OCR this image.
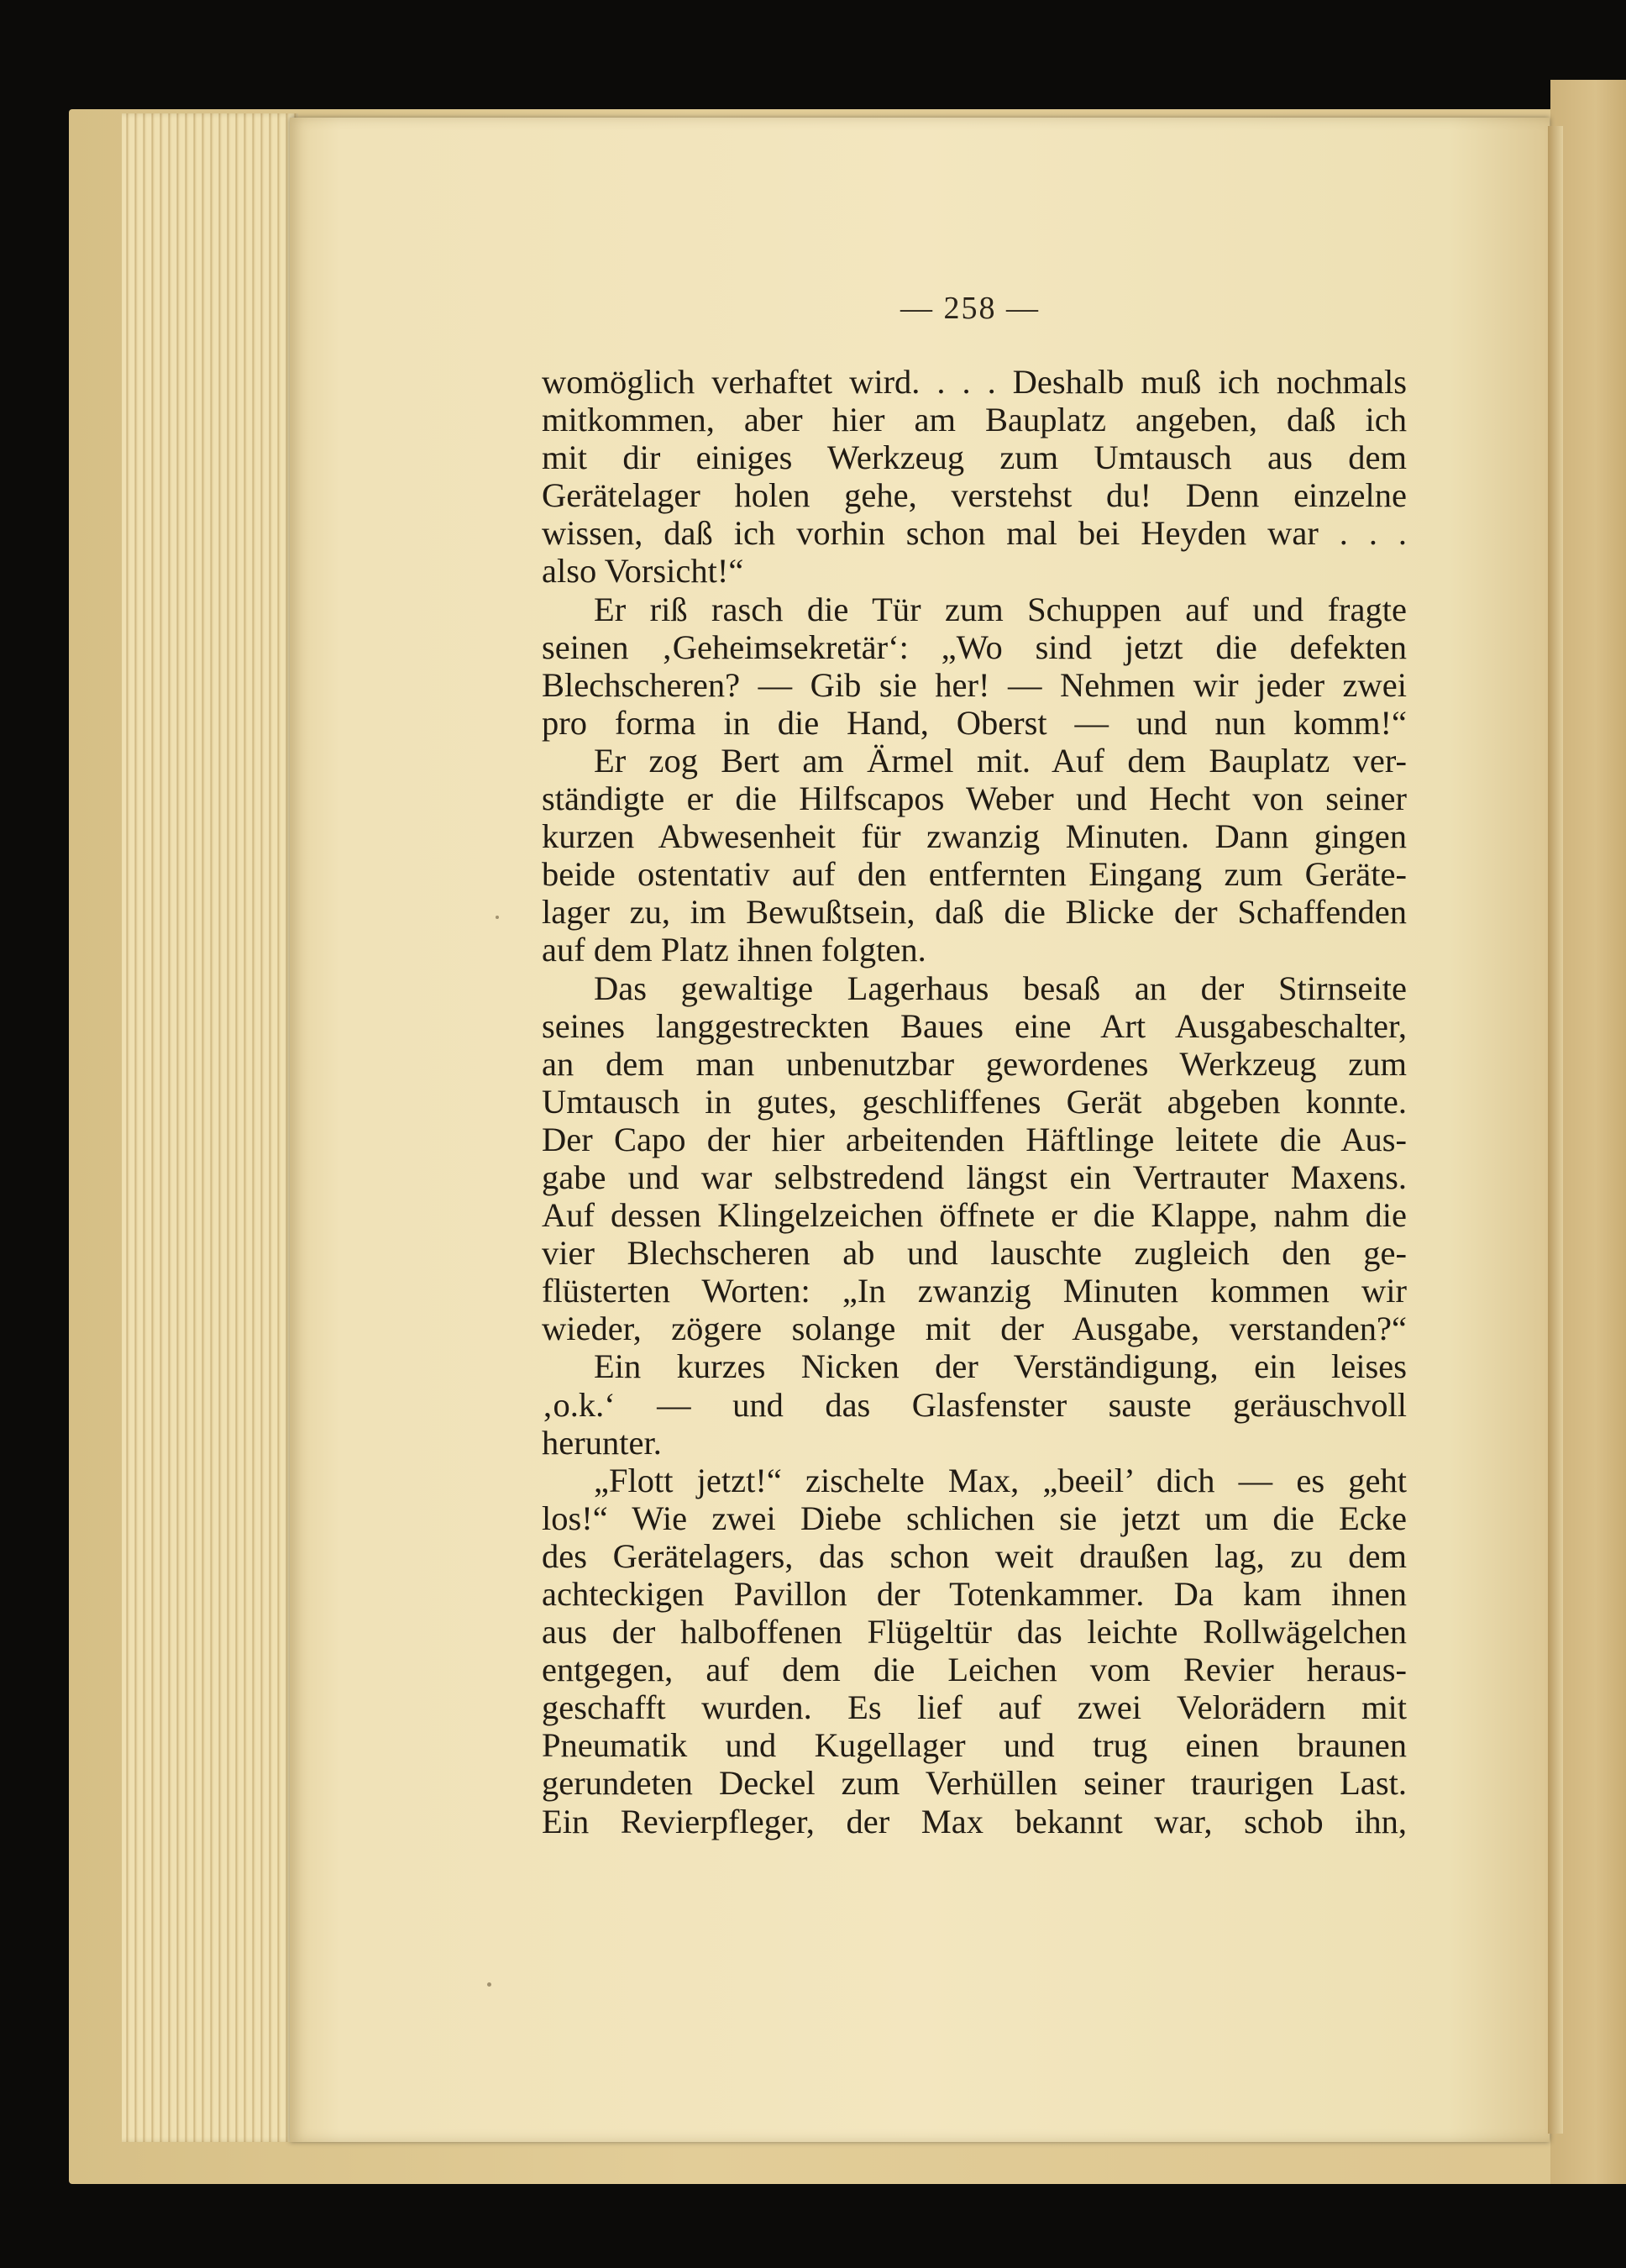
— 258 —
womöglich verhaftet wird. . . . Deshalb muß ich nochmals
mitkommen, aber hier am Bauplatz angeben, daß ich
mit dir einiges Werkzeug zum Umtausch aus dem
Gerätelager holen gehe, verstehst du! Denn einzelne
wissen, daß ich vorhin schon mal bei Heyden war . . .
also Vorsicht!“
Er riß rasch die Tür zum Schuppen auf und fragte
seinen ‚Geheimsekretär‘: „Wo sind jetzt die defekten
Blechscheren? — Gib sie her! — Nehmen wir jeder zwei
pro forma in die Hand, Oberst — und nun komm!“
Er zog Bert am Ärmel mit. Auf dem Bauplatz ver-
ständigte er die Hilfscapos Weber und Hecht von seiner
kurzen Abwesenheit für zwanzig Minuten. Dann gingen
beide ostentativ auf den entfernten Eingang zum Geräte-
lager zu, im Bewußtsein, daß die Blicke der Schaffenden
auf dem Platz ihnen folgten.
Das gewaltige Lagerhaus besaß an der Stirnseite
seines langgestreckten Baues eine Art Ausgabeschalter,
an dem man unbenutzbar gewordenes Werkzeug zum
Umtausch in gutes, geschliffenes Gerät abgeben konnte.
Der Capo der hier arbeitenden Häftlinge leitete die Aus-
gabe und war selbstredend längst ein Vertrauter Maxens.
Auf dessen Klingelzeichen öffnete er die Klappe, nahm die
vier Blechscheren ab und lauschte zugleich den ge-
flüsterten Worten: „In zwanzig Minuten kommen wir
wieder, zögere solange mit der Ausgabe, verstanden?“
Ein kurzes Nicken der Verständigung, ein leises
‚o.k.‘ — und das Glasfenster sauste geräuschvoll
herunter.
„Flott jetzt!“ zischelte Max, „beeil’ dich — es geht
los!“ Wie zwei Diebe schlichen sie jetzt um die Ecke
des Gerätelagers, das schon weit draußen lag, zu dem
achteckigen Pavillon der Totenkammer. Da kam ihnen
aus der halboffenen Flügeltür das leichte Rollwägelchen
entgegen, auf dem die Leichen vom Revier heraus-
geschafft wurden. Es lief auf zwei Velorädern mit
Pneumatik und Kugellager und trug einen braunen
gerundeten Deckel zum Verhüllen seiner traurigen Last.
Ein Revierpfleger, der Max bekannt war, schob ihn,
